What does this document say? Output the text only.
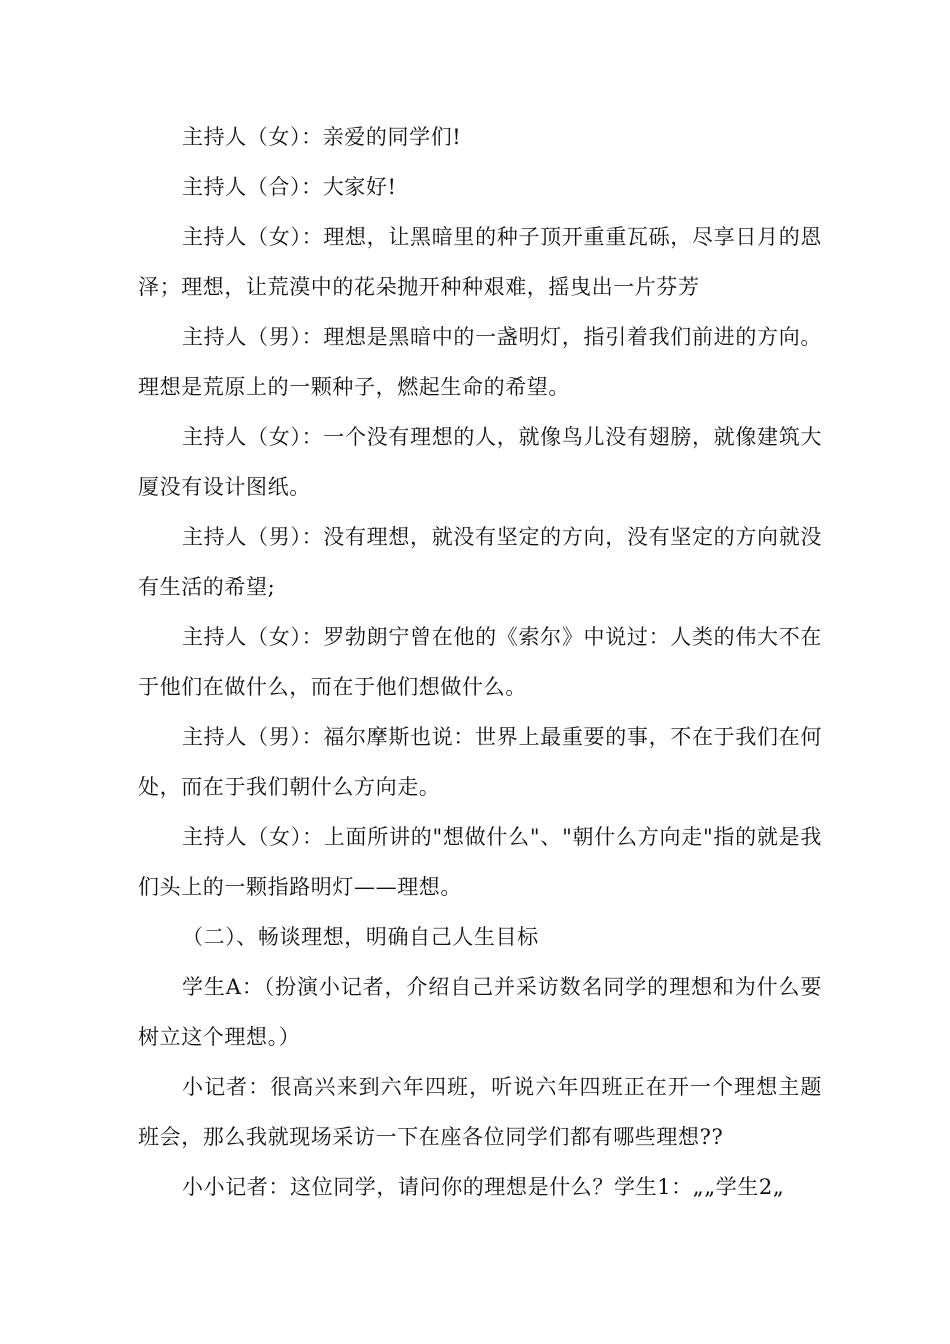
主持人（女）：亲爱的同学们!

主持人（合）：大家好!

主持人（女）：理想，让黑暗里的种子顶开重重瓦砾，尽享日月的恩泽；理想，让荒漠中的花朵抛开种种艰难，摇曳出一片芬芳

主持人（男）：理想是黑暗中的一盏明灯，指引着我们前进的方向。理想是荒原上的一颗种子，燃起生命的希望。

主持人（女）：一个没有理想的人，就像鸟儿没有翅膀，就像建筑大厦没有设计图纸。

主持人（男）：没有理想，就没有坚定的方向，没有坚定的方向就没有生活的希望;

主持人（女）：罗勃朗宁曾在他的《索尔》中说过：人类的伟大不在于他们在做什么，而在于他们想做什么。

主持人（男）：福尔摩斯也说：世界上最重要的事，不在于我们在何处，而在于我们朝什么方向走。

主持人（女）：上面所讲的"想做什么"、"朝什么方向走"指的就是我们头上的一颗指路明灯——理想。

（二）、畅谈理想，明确自己人生目标

学生A：（扮演小记者，介绍自己并采访数名同学的理想和为什么要树立这个理想。）

小记者：很高兴来到六年四班，听说六年四班正在开一个理想主题班会，那么我就现场采访一下在座各位同学们都有哪些理想??

小小记者：这位同学，请问你的理想是什么？学生1：„„学生2„
